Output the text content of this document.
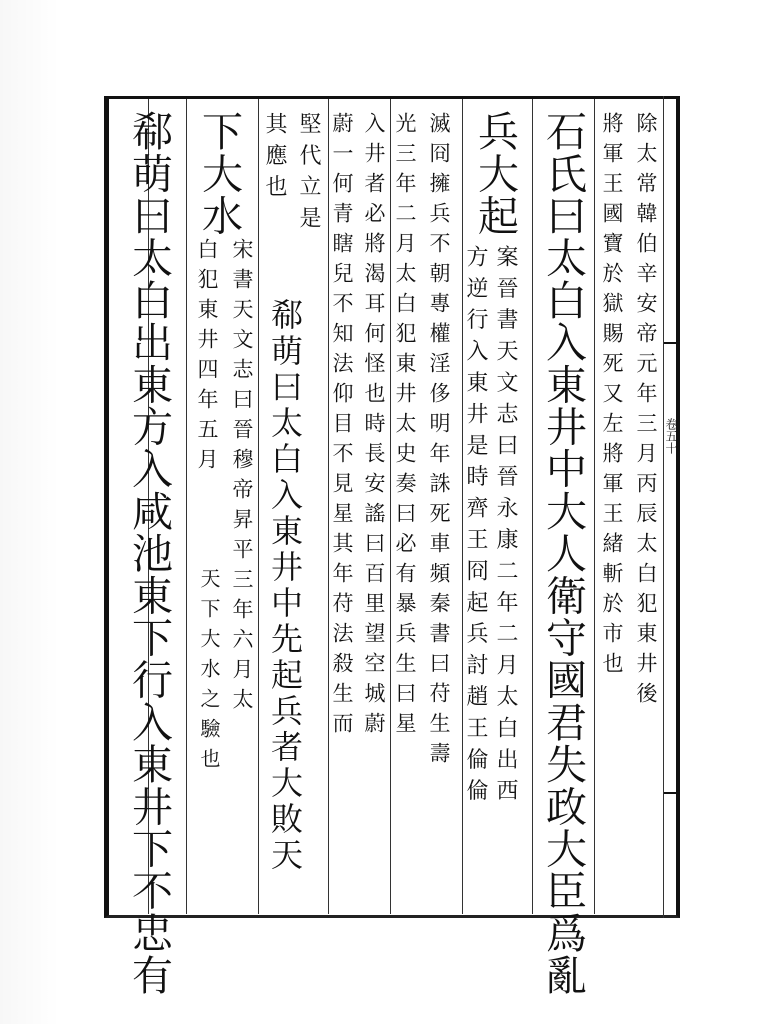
卷五十
除太常韓伯辛安帝元年三月丙辰太白犯東井後
將軍王國寶於獄賜死又左將軍王緒斬於市也
石氏曰太白入東井中大人衛守國君失政大臣爲亂
兵大起
案晉書天文志曰晉永康二年二月太白出西
方逆行入東井是時齊王冏起兵討趙王倫倫
滅冏擁兵不朝專權淫侈明年誅死車頻秦書曰苻生壽
光三年二月太白犯東井太史奏曰必有暴兵生曰星
入井者必將渴耳何怪也時長安謠曰百里望空城蔚
蔚一何青瞎兒不知法仰目不見星其年苻法殺生而
堅代立是
郗萌曰太白入東井中先起兵者大敗天
其應也
下大水
宋書天文志曰晉穆帝昇平三年六月太
白犯東井四年五月
天下大水之驗也
郗萌曰太白出東方入咸池東下行入東井下不忠有
